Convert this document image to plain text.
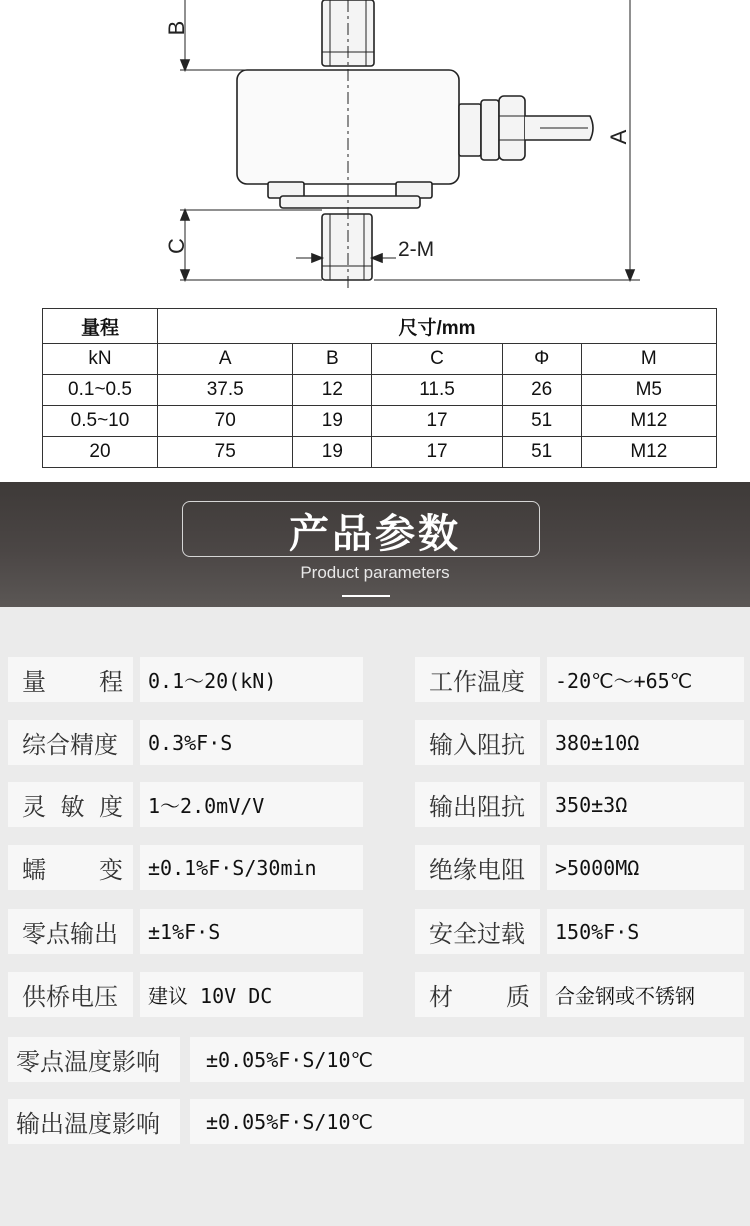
B
C
A
2-M
量程	尺寸/mm				
kN	A	B	C	Φ	M
0.1~0.5	37.5	12	11.5	26	M5
0.5~10	70	19	17	51	M12
20	75	19	17	51	M12
产品参数
Product parameters
量 程	0.1～20(kN)
综合精度	0.3%F·S
灵 敏 度	1～2.0mV/V
蠕 变	±0.1%F·S/30min
零点输出	±1%F·S
供桥电压	建议 10V DC
工作温度	-20℃～+65℃
输入阻抗	380±10Ω
输出阻抗	350±3Ω
绝缘电阻	>5000MΩ
安全过载	150%F·S
材 质	合金钢或不锈钢
零点温度影响	±0.05%F·S/10℃
输出温度影响	±0.05%F·S/10℃
